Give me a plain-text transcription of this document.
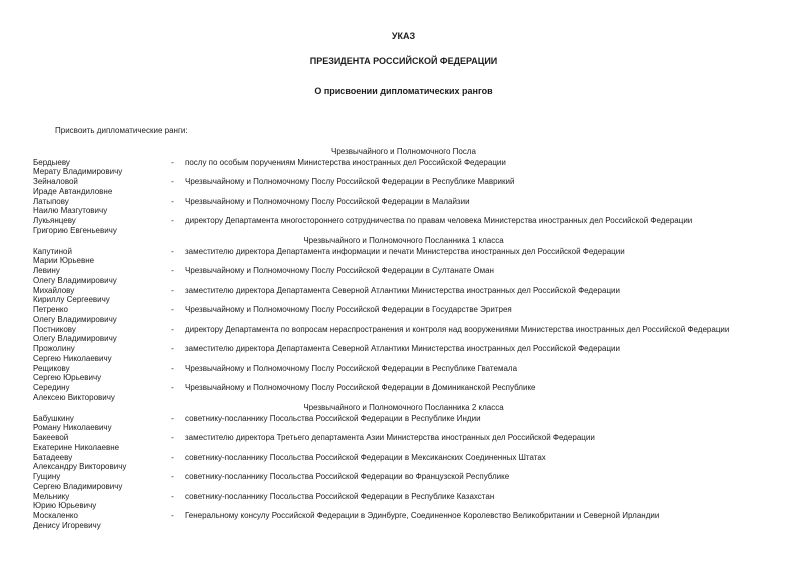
УКАЗ
ПРЕЗИДЕНТА РОССИЙСКОЙ ФЕДЕРАЦИИ
О присвоении дипломатических рангов
Присвоить дипломатические ранги:
Чрезвычайного и Полномочного Посла
Бердыеву
Мерату Владимировичу
-	послу по особым поручениям Министерства иностранных дел Российской Федерации
Зейналовой
Ираде Автандиловне
-	Чрезвычайному и Полномочному Послу Российской Федерации в Республике Маврикий
Латыпову
Наилю Мазгутовичу
-	Чрезвычайному и Полномочному Послу Российской Федерации в Малайзии
Лукьянцеву
Григорию Евгеньевичу
-	директору Департамента многостороннего сотрудничества по правам человека Министерства иностранных дел Российской Федерации
Чрезвычайного и Полномочного Посланника 1 класса
Капутиной
Марии Юрьевне
-	заместителю директора Департамента информации и печати Министерства иностранных дел Российской Федерации
Левину
Олегу Владимировичу
-	Чрезвычайному и Полномочному Послу Российской Федерации в Султанате Оман
Михайлову
Кириллу Сергеевичу
-	заместителю директора Департамента Северной Атлантики Министерства иностранных дел Российской Федерации
Петренко
Олегу Владимировичу
-	Чрезвычайному и Полномочному Послу Российской Федерации в Государстве Эритрея
Постникову
Олегу Владимировичу
-	директору Департамента по вопросам нераспространения и контроля над вооружениями Министерства иностранных дел Российской Федерации
Прожолину
Сергею Николаевичу
-	заместителю директора Департамента Северной Атлантики Министерства иностранных дел Российской Федерации
Рещикову
Сергею Юрьевичу
-	Чрезвычайному и Полномочному Послу Российской Федерации в Республике Гватемала
Середину
Алексею Викторовичу
-	Чрезвычайному и Полномочному Послу Российской Федерации в Доминиканской Республике
Чрезвычайного и Полномочного Посланника 2 класса
Бабушкину
Роману Николаевичу
-	советнику-посланнику Посольства Российской Федерации в Республике Индии
Бакеевой
Екатерине Николаевне
-	заместителю директора Третьего департамента Азии Министерства иностранных дел Российской Федерации
Батадееву
Александру Викторовичу
-	советнику-посланнику Посольства Российской Федерации в Мексиканских Соединенных Штатах
Гущину
Сергею Владимировичу
-	советнику-посланнику Посольства Российской Федерации во Французской Республике
Мельнику
Юрию Юрьевичу
-	советнику-посланнику Посольства Российской Федерации в Республике Казахстан
Москаленко
Денису Игоревичу
-	Генеральному консулу Российской Федерации в Эдинбурге, Соединенное Королевство Великобритании и Северной Ирландии
